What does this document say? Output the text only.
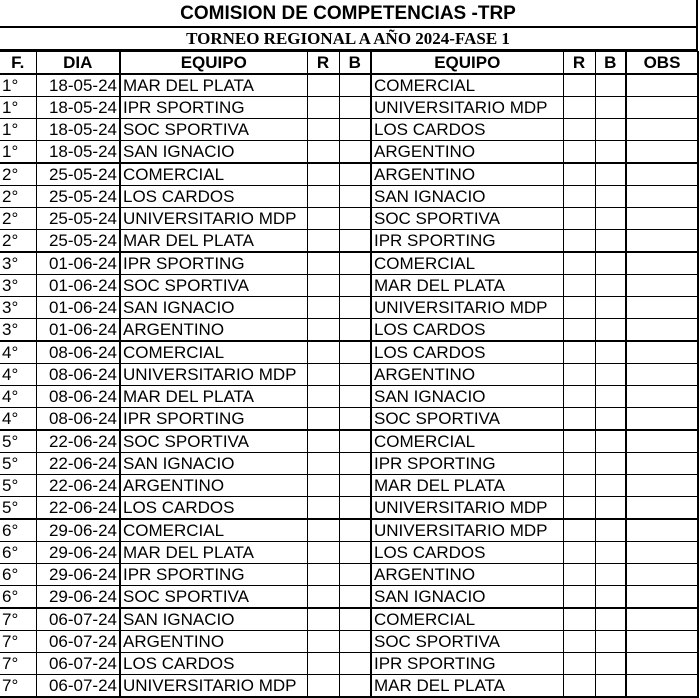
COMISION DE COMPETENCIAS -TRP
TORNEO REGIONAL A AÑO 2024-FASE 1
F.	DIA	EQUIPO	R	B	EQUIPO	R	B	OBS
1°	18-05-24	MAR DEL PLATA			COMERCIAL			
1°	18-05-24	IPR SPORTING			UNIVERSITARIO MDP			
1°	18-05-24	SOC SPORTIVA			LOS CARDOS			
1°	18-05-24	SAN IGNACIO			ARGENTINO			
2°	25-05-24	COMERCIAL			ARGENTINO			
2°	25-05-24	LOS CARDOS			SAN IGNACIO			
2°	25-05-24	UNIVERSITARIO MDP			SOC SPORTIVA			
2°	25-05-24	MAR DEL PLATA			IPR SPORTING			
3°	01-06-24	IPR SPORTING			COMERCIAL			
3°	01-06-24	SOC SPORTIVA			MAR DEL PLATA			
3°	01-06-24	SAN IGNACIO			UNIVERSITARIO MDP			
3°	01-06-24	ARGENTINO			LOS CARDOS			
4°	08-06-24	COMERCIAL			LOS CARDOS			
4°	08-06-24	UNIVERSITARIO MDP			ARGENTINO			
4°	08-06-24	MAR DEL PLATA			SAN IGNACIO			
4°	08-06-24	IPR SPORTING			SOC SPORTIVA			
5°	22-06-24	SOC SPORTIVA			COMERCIAL			
5°	22-06-24	SAN IGNACIO			IPR SPORTING			
5°	22-06-24	ARGENTINO			MAR DEL PLATA			
5°	22-06-24	LOS CARDOS			UNIVERSITARIO MDP			
6°	29-06-24	COMERCIAL			UNIVERSITARIO MDP			
6°	29-06-24	MAR DEL PLATA			LOS CARDOS			
6°	29-06-24	IPR SPORTING			ARGENTINO			
6°	29-06-24	SOC SPORTIVA			SAN IGNACIO			
7°	06-07-24	SAN IGNACIO			COMERCIAL			
7°	06-07-24	ARGENTINO			SOC SPORTIVA			
7°	06-07-24	LOS CARDOS			IPR SPORTING			
7°	06-07-24	UNIVERSITARIO MDP			MAR DEL PLATA			
